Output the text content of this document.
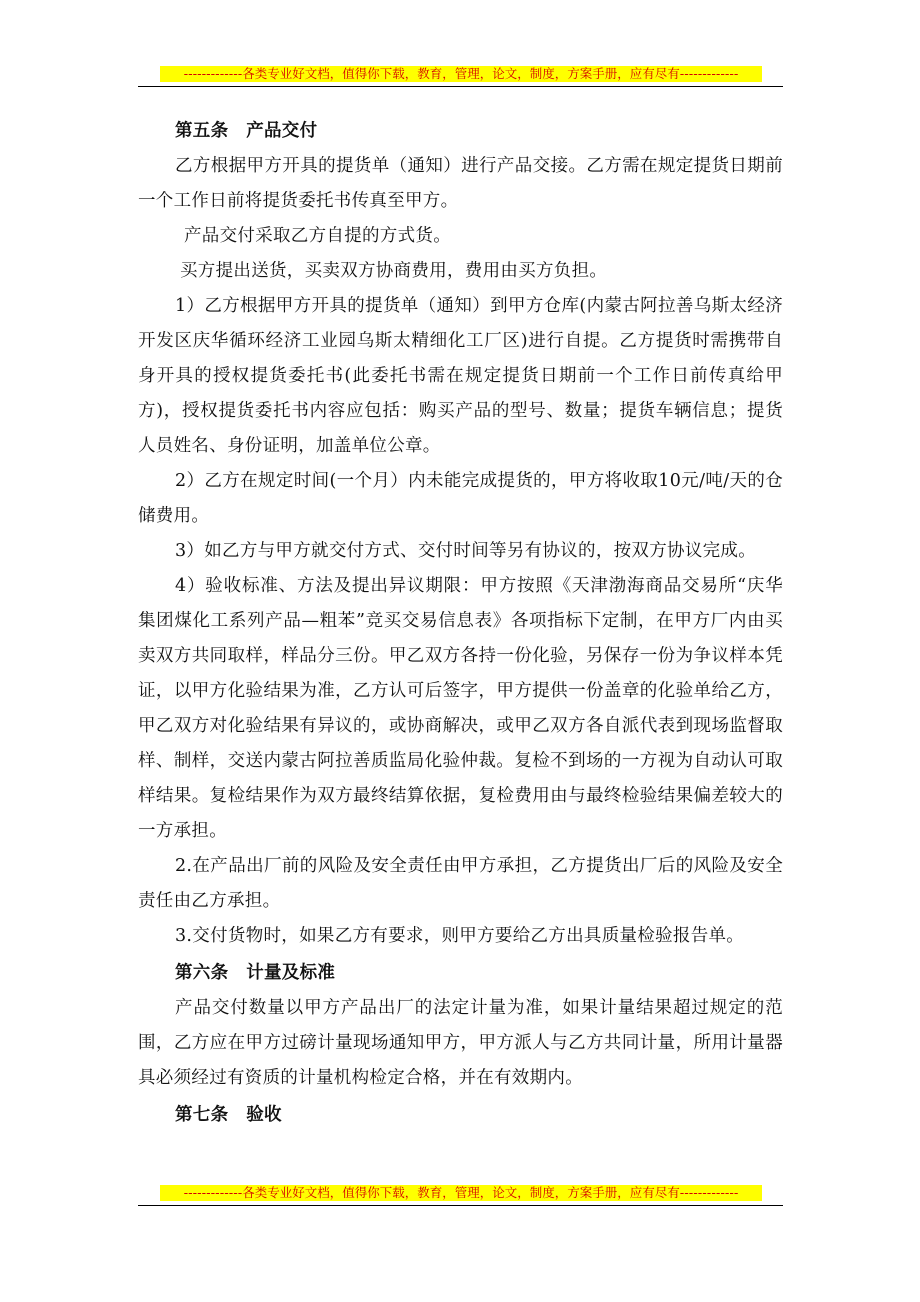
-------------各类专业好文档，值得你下载，教育，管理，论文，制度，方案手册，应有尽有-------------

第五条　产品交付

乙方根据甲方开具的提货单（通知）进行产品交接。乙方需在规定提货日期前一个工作日前将提货委托书传真至甲方。

产品交付采取乙方自提的方式货。

买方提出送货，买卖双方协商费用，费用由买方负担。

1）乙方根据甲方开具的提货单（通知）到甲方仓库(内蒙古阿拉善乌斯太经济开发区庆华循环经济工业园乌斯太精细化工厂区)进行自提。乙方提货时需携带自身开具的授权提货委托书(此委托书需在规定提货日期前一个工作日前传真给甲方)，授权提货委托书内容应包括：购买产品的型号、数量；提货车辆信息；提货人员姓名、身份证明，加盖单位公章。

2）乙方在规定时间(一个月）内未能完成提货的，甲方将收取10元/吨/天的仓储费用。

3）如乙方与甲方就交付方式、交付时间等另有协议的，按双方协议完成。

4）验收标准、方法及提出异议期限：甲方按照《天津渤海商品交易所“庆华集团煤化工系列产品—粗苯”竞买交易信息表》各项指标下定制，在甲方厂内由买卖双方共同取样，样品分三份。甲乙双方各持一份化验，另保存一份为争议样本凭证，以甲方化验结果为准，乙方认可后签字，甲方提供一份盖章的化验单给乙方，甲乙双方对化验结果有异议的，或协商解决，或甲乙双方各自派代表到现场监督取样、制样，交送内蒙古阿拉善质监局化验仲裁。复检不到场的一方视为自动认可取样结果。复检结果作为双方最终结算依据，复检费用由与最终检验结果偏差较大的一方承担。

2.在产品出厂前的风险及安全责任由甲方承担，乙方提货出厂后的风险及安全责任由乙方承担。

3.交付货物时，如果乙方有要求，则甲方要给乙方出具质量检验报告单。

第六条　计量及标准

产品交付数量以甲方产品出厂的法定计量为准，如果计量结果超过规定的范围，乙方应在甲方过磅计量现场通知甲方，甲方派人与乙方共同计量，所用计量器具必须经过有资质的计量机构检定合格，并在有效期内。

第七条　验收

-------------各类专业好文档，值得你下载，教育，管理，论文，制度，方案手册，应有尽有-------------
